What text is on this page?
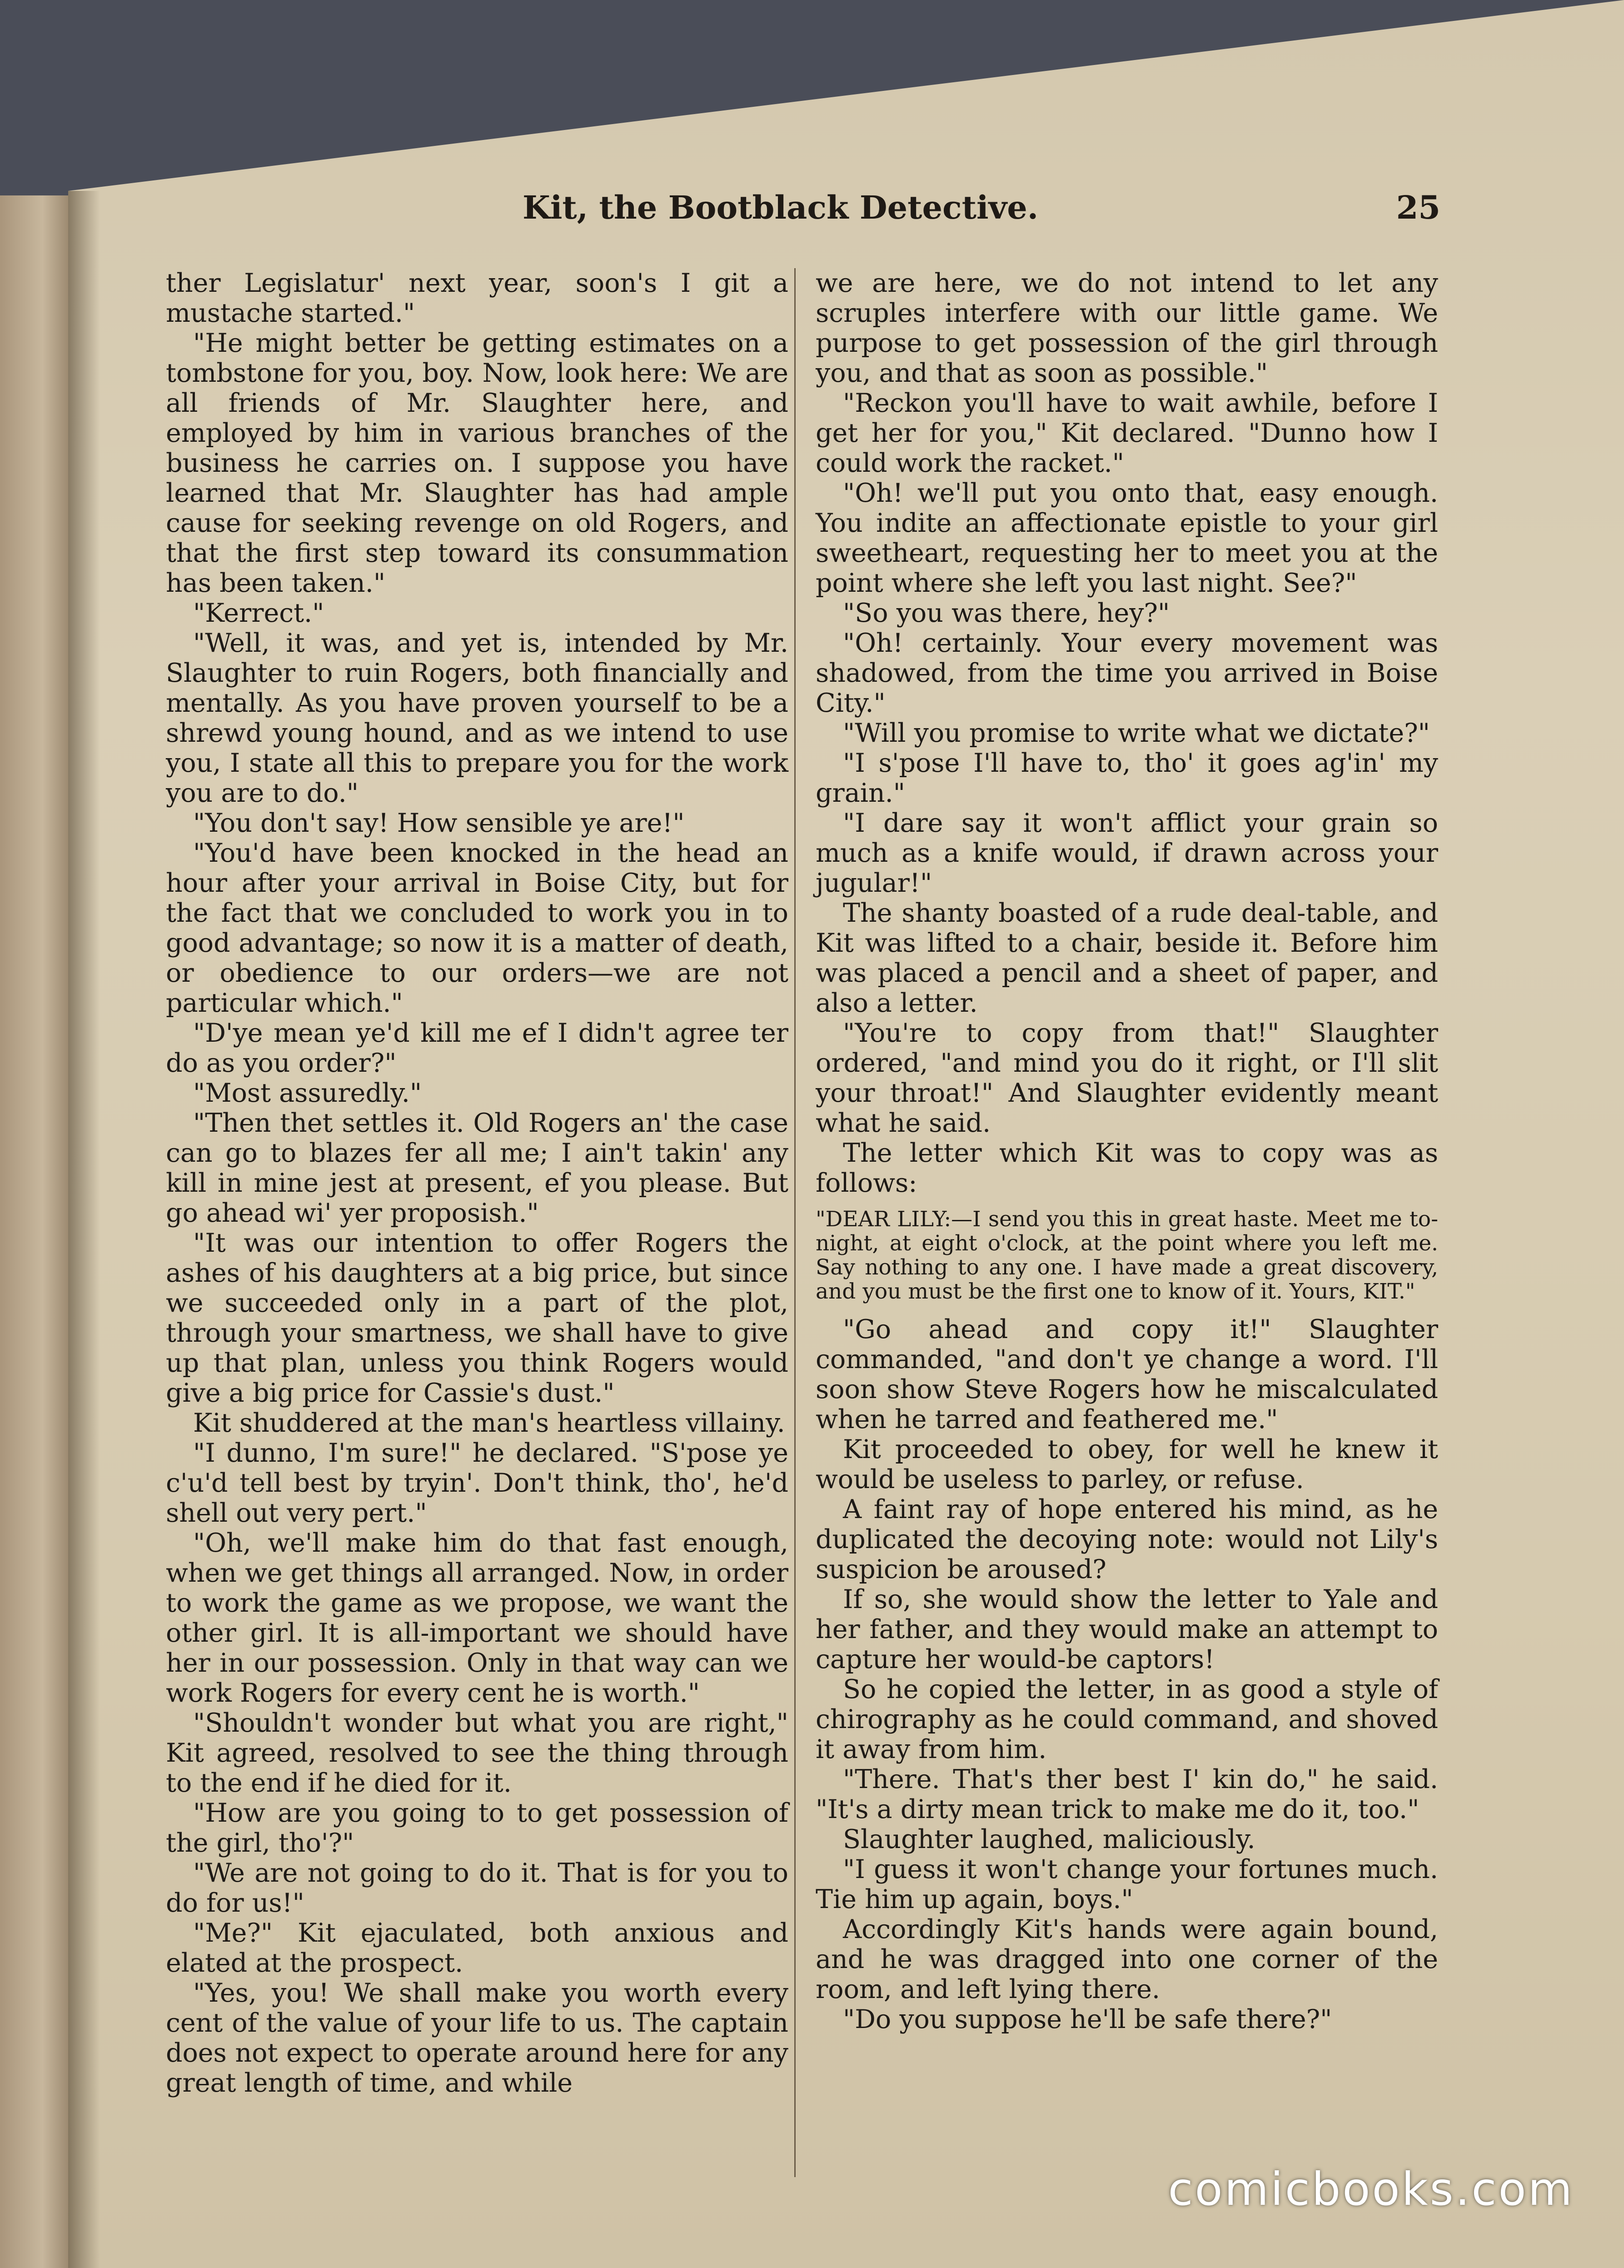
Kit, the Bootblack Detective.	25

ther Legislatur' next year, soon's I git a mustache started."

"He might better be getting estimates on a tombstone for you, boy. Now, look here: We are all friends of Mr. Slaughter here, and employed by him in various branches of the business he carries on. I suppose you have learned that Mr. Slaughter has had ample cause for seeking revenge on old Rogers, and that the first step toward its consummation has been taken."

"Kerrect."

"Well, it was, and yet is, intended by Mr. Slaughter to ruin Rogers, both financially and mentally. As you have proven yourself to be a shrewd young hound, and as we intend to use you, I state all this to prepare you for the work you are to do."

"You don't say! How sensible ye are!"

"You'd have been knocked in the head an hour after your arrival in Boise City, but for the fact that we concluded to work you in to good advantage; so now it is a matter of death, or obedience to our orders—we are not particular which."

"D'ye mean ye'd kill me ef I didn't agree ter do as you order?"

"Most assuredly."

"Then thet settles it. Old Rogers an' the case can go to blazes fer all me; I ain't takin' any kill in mine jest at present, ef you please. But go ahead wi' yer proposish."

"It was our intention to offer Rogers the ashes of his daughters at a big price, but since we succeeded only in a part of the plot, through your smartness, we shall have to give up that plan, unless you think Rogers would give a big price for Cassie's dust."

Kit shuddered at the man's heartless villainy.

"I dunno, I'm sure!" he declared. "S'pose ye c'u'd tell best by tryin'. Don't think, tho', he'd shell out very pert."

"Oh, we'll make him do that fast enough, when we get things all arranged. Now, in order to work the game as we propose, we want the other girl. It is all-important we should have her in our possession. Only in that way can we work Rogers for every cent he is worth."

"Shouldn't wonder but what you are right," Kit agreed, resolved to see the thing through to the end if he died for it.

"How are you going to to get possession of the girl, tho'?"

"We are not going to do it. That is for you to do for us!"

"Me?" Kit ejaculated, both anxious and elated at the prospect.

"Yes, you! We shall make you worth every cent of the value of your life to us. The captain does not expect to operate around here for any great length of time, and while

we are here, we do not intend to let any scruples interfere with our little game. We purpose to get possession of the girl through you, and that as soon as possible."

"Reckon you'll have to wait awhile, before I get her for you," Kit declared. "Dunno how I could work the racket."

"Oh! we'll put you onto that, easy enough. You indite an affectionate epistle to your girl sweetheart, requesting her to meet you at the point where she left you last night. See?"

"So you was there, hey?"

"Oh! certainly. Your every movement was shadowed, from the time you arrived in Boise City."

"Will you promise to write what we dictate?"

"I s'pose I'll have to, tho' it goes ag'in' my grain."

"I dare say it won't afflict your grain so much as a knife would, if drawn across your jugular!"

The shanty boasted of a rude deal-table, and Kit was lifted to a chair, beside it. Before him was placed a pencil and a sheet of paper, and also a letter.

"You're to copy from that!" Slaughter ordered, "and mind you do it right, or I'll slit your throat!" And Slaughter evidently meant what he said.

The letter which Kit was to copy was as follows:

"DEAR LILY:—I send you this in great haste. Meet me to-night, at eight o'clock, at the point where you left me. Say nothing to any one. I have made a great discovery, and you must be the first one to know of it. Yours, KIT."

"Go ahead and copy it!" Slaughter commanded, "and don't ye change a word. I'll soon show Steve Rogers how he miscalculated when he tarred and feathered me."

Kit proceeded to obey, for well he knew it would be useless to parley, or refuse.

A faint ray of hope entered his mind, as he duplicated the decoying note: would not Lily's suspicion be aroused?

If so, she would show the letter to Yale and her father, and they would make an attempt to capture her would-be captors!

So he copied the letter, in as good a style of chirography as he could command, and shoved it away from him.

"There. That's ther best I' kin do," he said. "It's a dirty mean trick to make me do it, too."

Slaughter laughed, maliciously.

"I guess it won't change your fortunes much. Tie him up again, boys."

Accordingly Kit's hands were again bound, and he was dragged into one corner of the room, and left lying there.

"Do you suppose he'll be safe there?"

comicbooks.com
